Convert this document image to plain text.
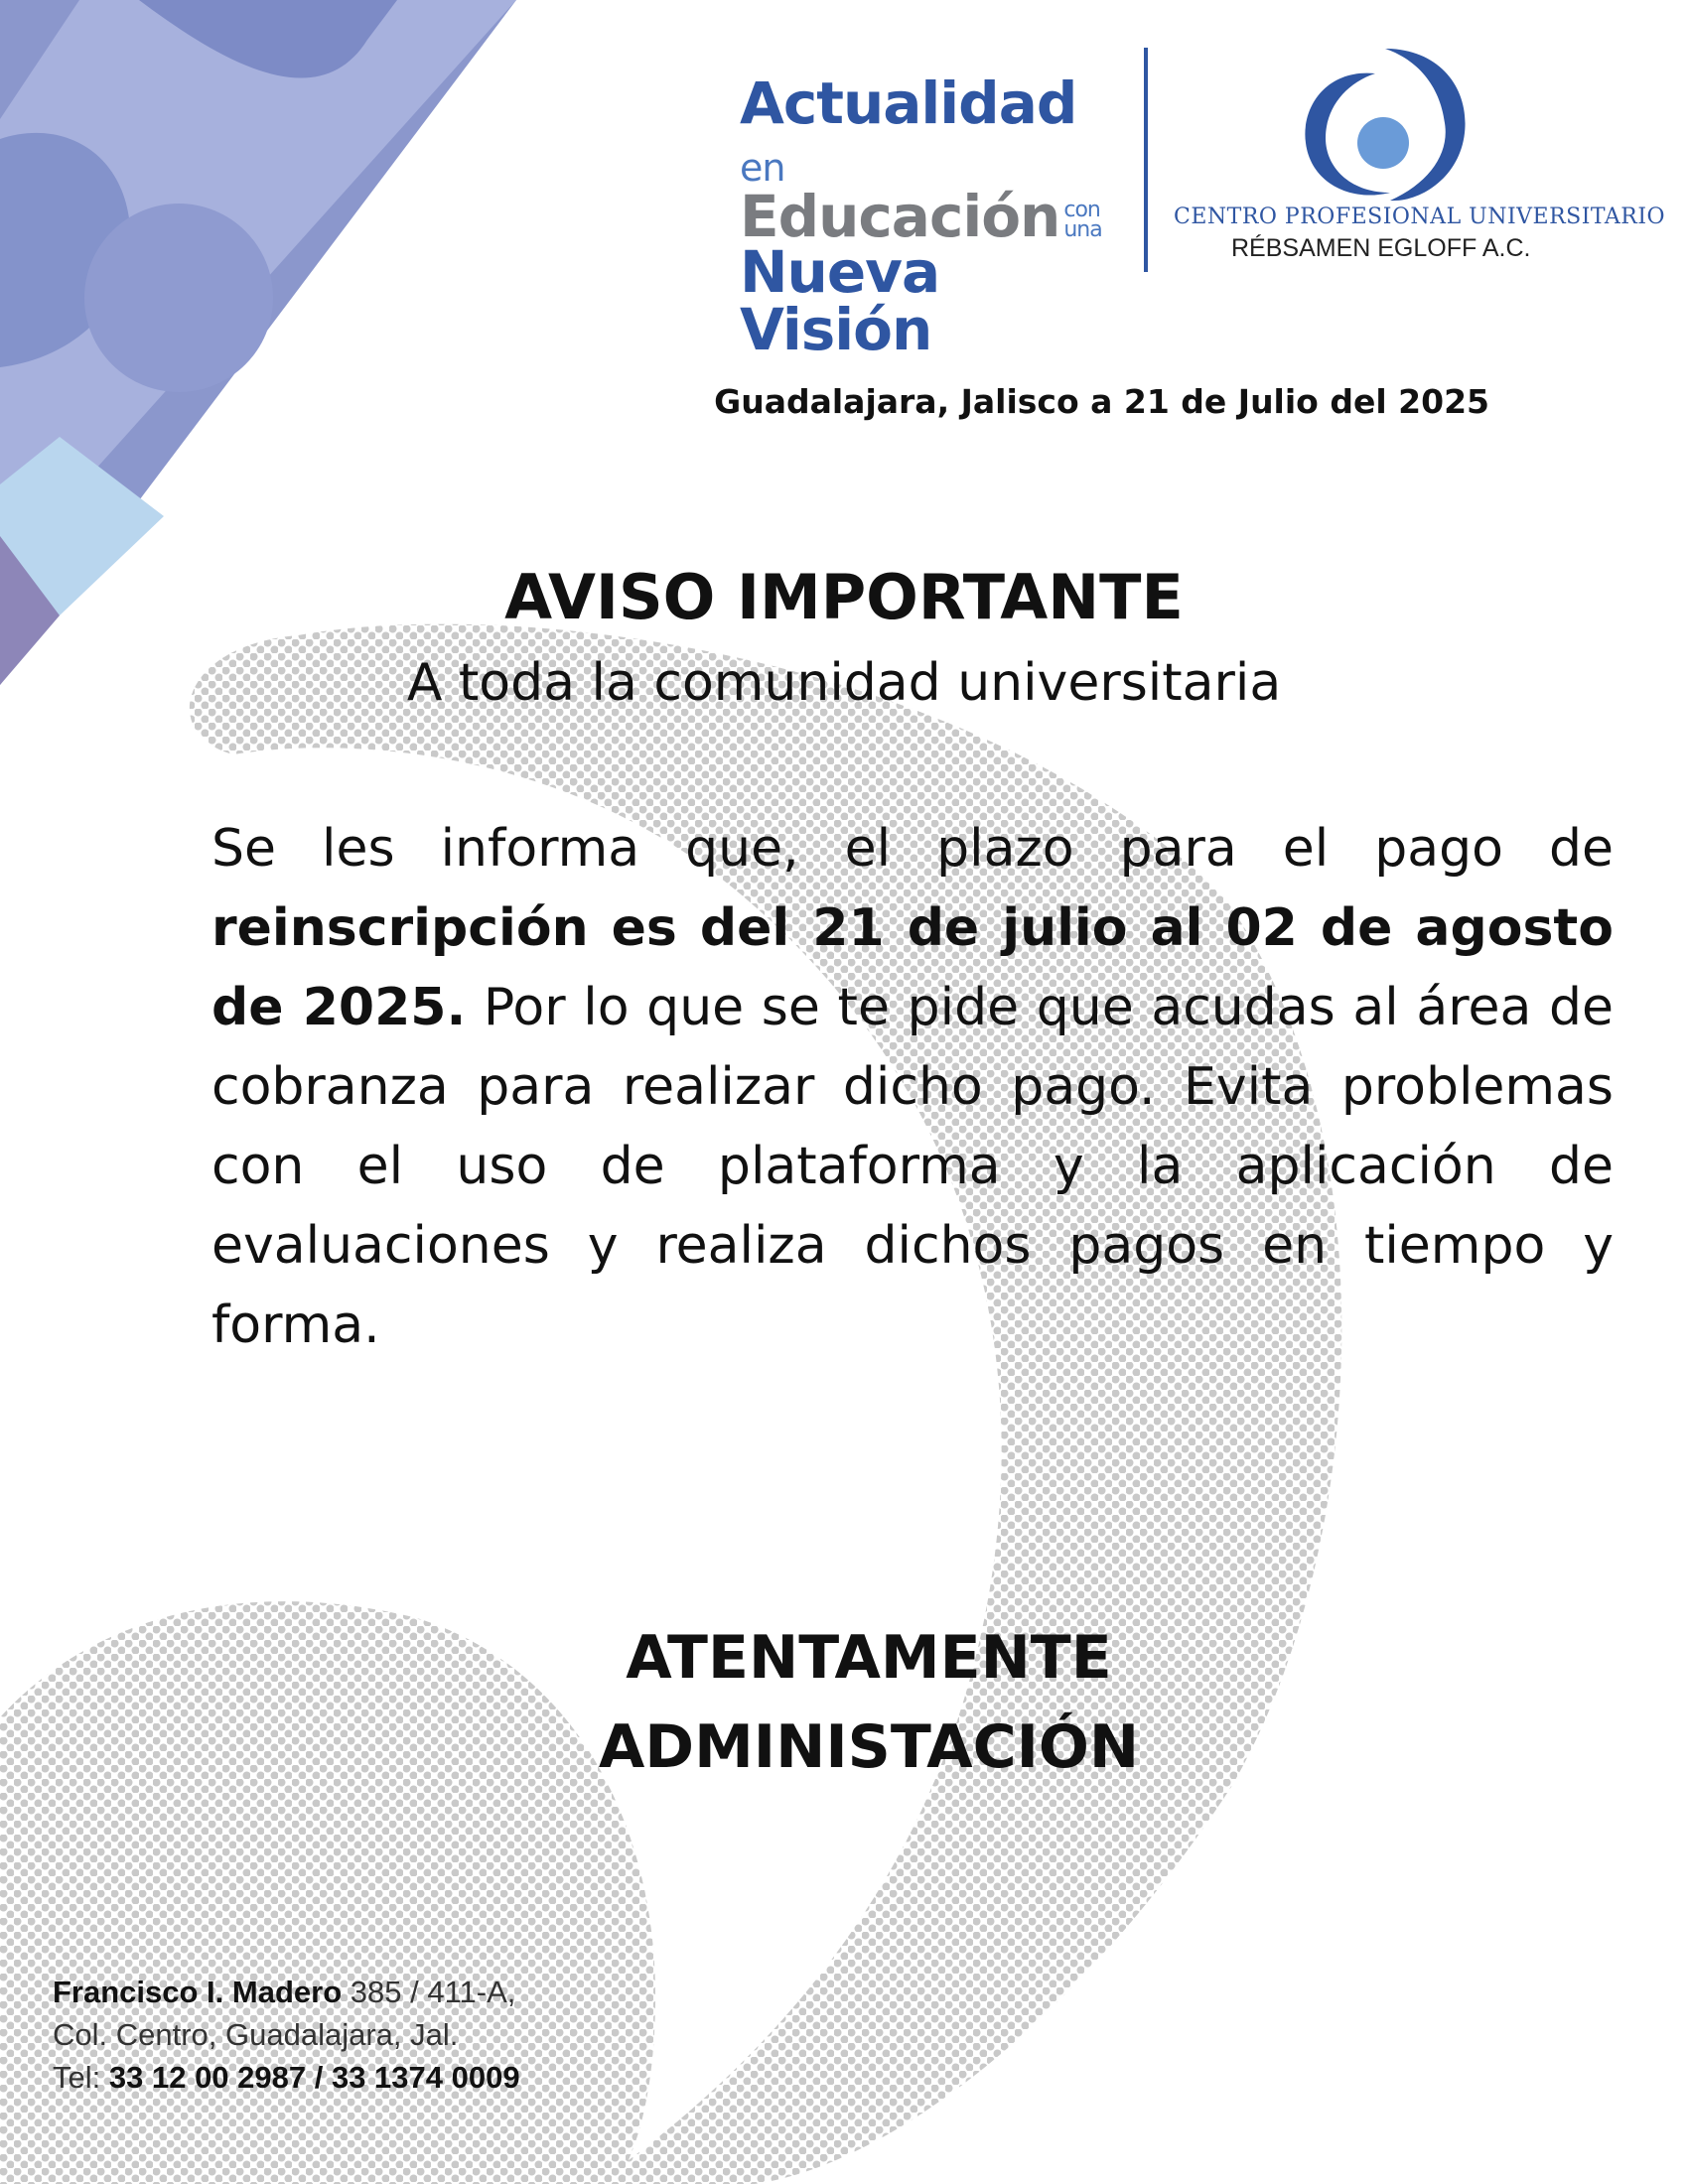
Actualidad en
Educación con
una
Nueva Visión
CENTRO PROFESIONAL UNIVERSITARIO
RÉBSAMEN EGLOFF A.C.
Guadalajara, Jalisco a 21 de Julio del 2025
AVISO IMPORTANTE
A toda la comunidad universitaria
Se les informa que, el plazo para el pago de reinscripción es del 21 de julio al 02 de agosto de 2025. Por lo que se te pide que acudas al área de cobranza para realizar dicho pago. Evita problemas con el uso de plataforma y la aplicación de evaluaciones y realiza dichos pagos en tiempo y forma.
ATENTAMENTE
ADMINISTACIÓN
Francisco I. Madero 385 / 411-A,
Col. Centro, Guadalajara, Jal.
Tel: 33 12 00 2987 / 33 1374 0009
